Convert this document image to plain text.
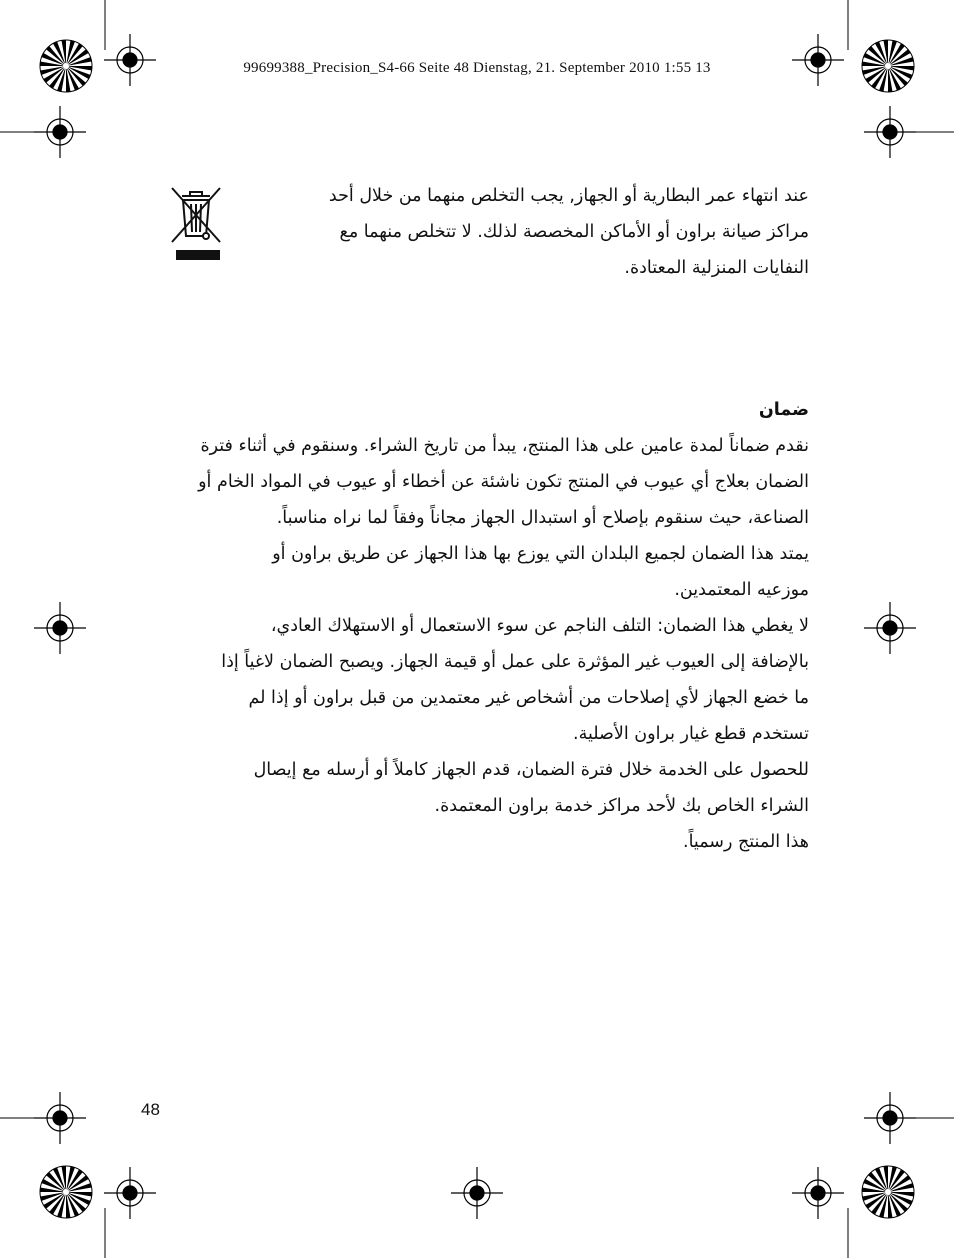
99699388_Precision_S4-66 Seite 48 Dienstag, 21. September 2010 1:55 13

عند انتهاء عمر البطارية أو الجهاز, يجب التخلص منهما من خلال أحد

مراكز صيانة براون أو الأماكن المخصصة لذلك. لا تتخلص منهما مع

النفايات المنزلية المعتادة.

ضمان

نقدم ضماناً لمدة عامين على هذا المنتج، يبدأ من تاريخ الشراء. وسنقوم في أثناء فترة

الضمان بعلاج أي عيوب في المنتج تكون ناشئة عن أخطاء أو عيوب في المواد الخام أو

الصناعة، حيث سنقوم بإصلاح أو استبدال الجهاز مجاناً وفقاً لما نراه مناسباً.

يمتد هذا الضمان لجميع البلدان التي يوزع بها هذا الجهاز عن طريق براون أو

موزعيه المعتمدين.

لا يغطي هذا الضمان: التلف الناجم عن سوء الاستعمال أو الاستهلاك العادي،

بالإضافة إلى العيوب غير المؤثرة على عمل أو قيمة الجهاز. ويصبح الضمان لاغياً إذا

ما خضع الجهاز لأي إصلاحات من أشخاص غير معتمدين من قبل براون أو إذا لم

تستخدم قطع غيار براون الأصلية.

للحصول على الخدمة خلال فترة الضمان، قدم الجهاز كاملاً أو أرسله مع إيصال

الشراء الخاص بك لأحد مراكز خدمة براون المعتمدة.

هذا المنتج رسمياً.

48
